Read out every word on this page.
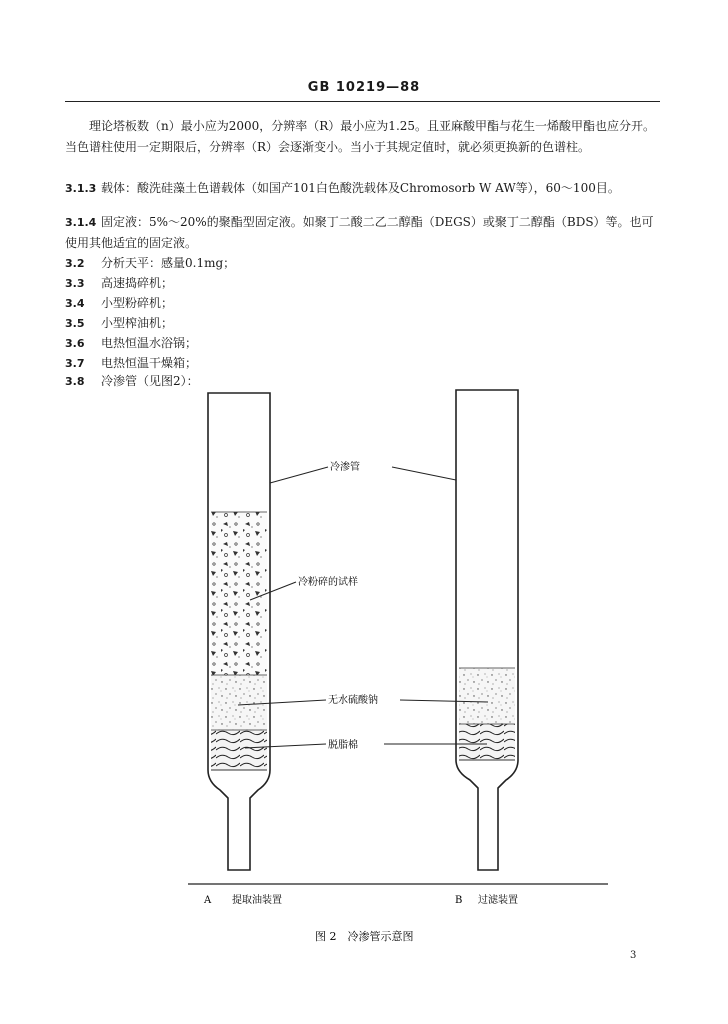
GB 10219—88
理论塔板数（n）最小应为2000，分辨率（R）最小应为1.25。且亚麻酸甲酯与花生一烯酸甲酯也应分开。当色谱柱使用一定期限后，分辨率（R）会逐渐变小。当小于其规定值时，就必须更换新的色谱柱。
3.1.3 载体：酸洗硅藻土色谱载体（如国产101白色酸洗载体及Chromosorb W AW等），60～100目。
3.1.4 固定液：5%～20%的聚酯型固定液。如聚丁二酸二乙二醇酯（DEGS）或聚丁二醇酯（BDS）等。也可使用其他适宜的固定液。
3.2 分析天平：感量0.1mg；
3.3 高速捣碎机；
3.4 小型粉碎机；
3.5 小型榨油机；
3.6 电热恒温水浴锅；
3.7 电热恒温干燥箱；
3.8 冷渗管（见图2）：
冷渗管
冷粉碎的试样
无水硫酸钠
脱脂棉
A 提取油装置	B 过滤装置
图 2　冷渗管示意图
3
